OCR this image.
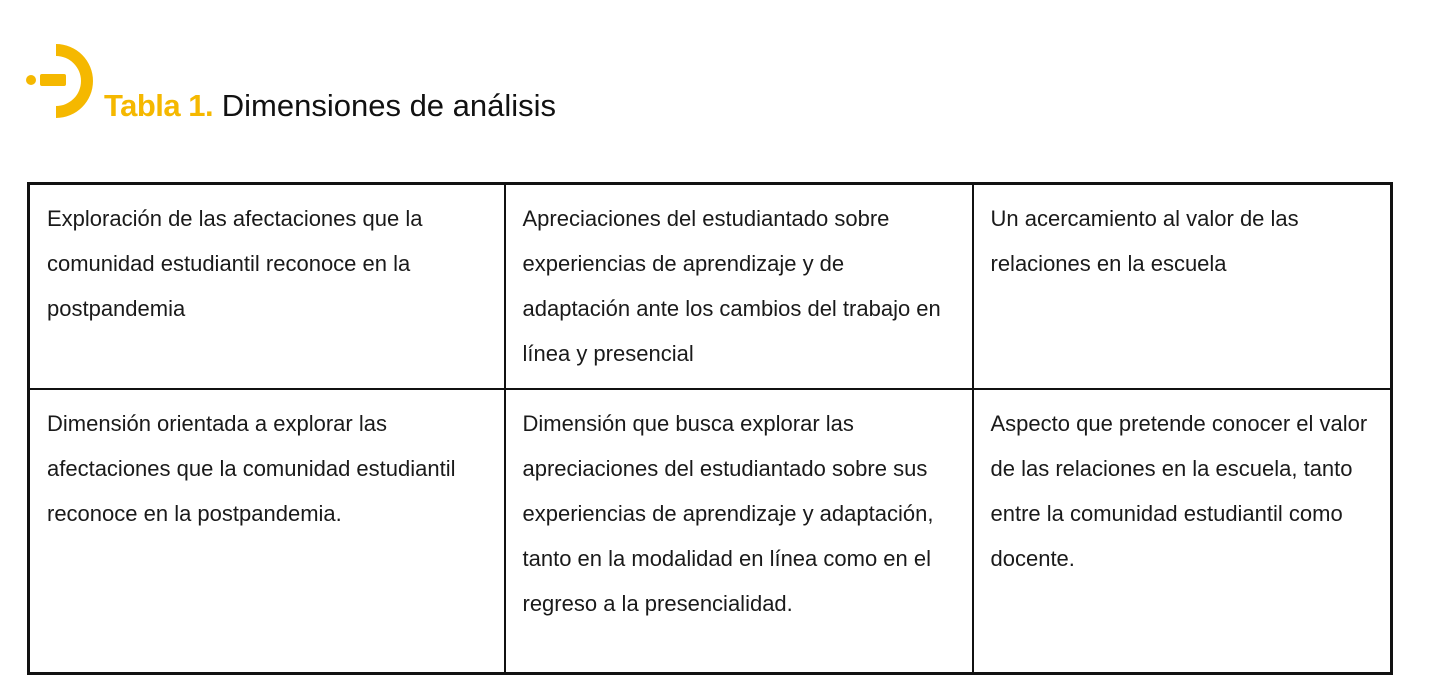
Tabla 1. Dimensiones de análisis
Exploración de las afectaciones que la comunidad estudiantil reconoce en la postpandemia	Apreciaciones del estudiantado sobre experiencias de aprendizaje y de adaptación ante los cambios del trabajo en línea y presencial	Un acercamiento al valor de las relaciones en la escuela
Dimensión orientada a explorar las afectaciones que la comunidad estudiantil reconoce en la postpandemia.	Dimensión que busca explorar las apreciaciones del estudiantado sobre sus experiencias de aprendizaje y adaptación, tanto en la modalidad en línea como en el regreso a la presencialidad.	Aspecto que pretende conocer el valor de las relaciones en la escuela, tanto entre la comunidad estudiantil como docente.
